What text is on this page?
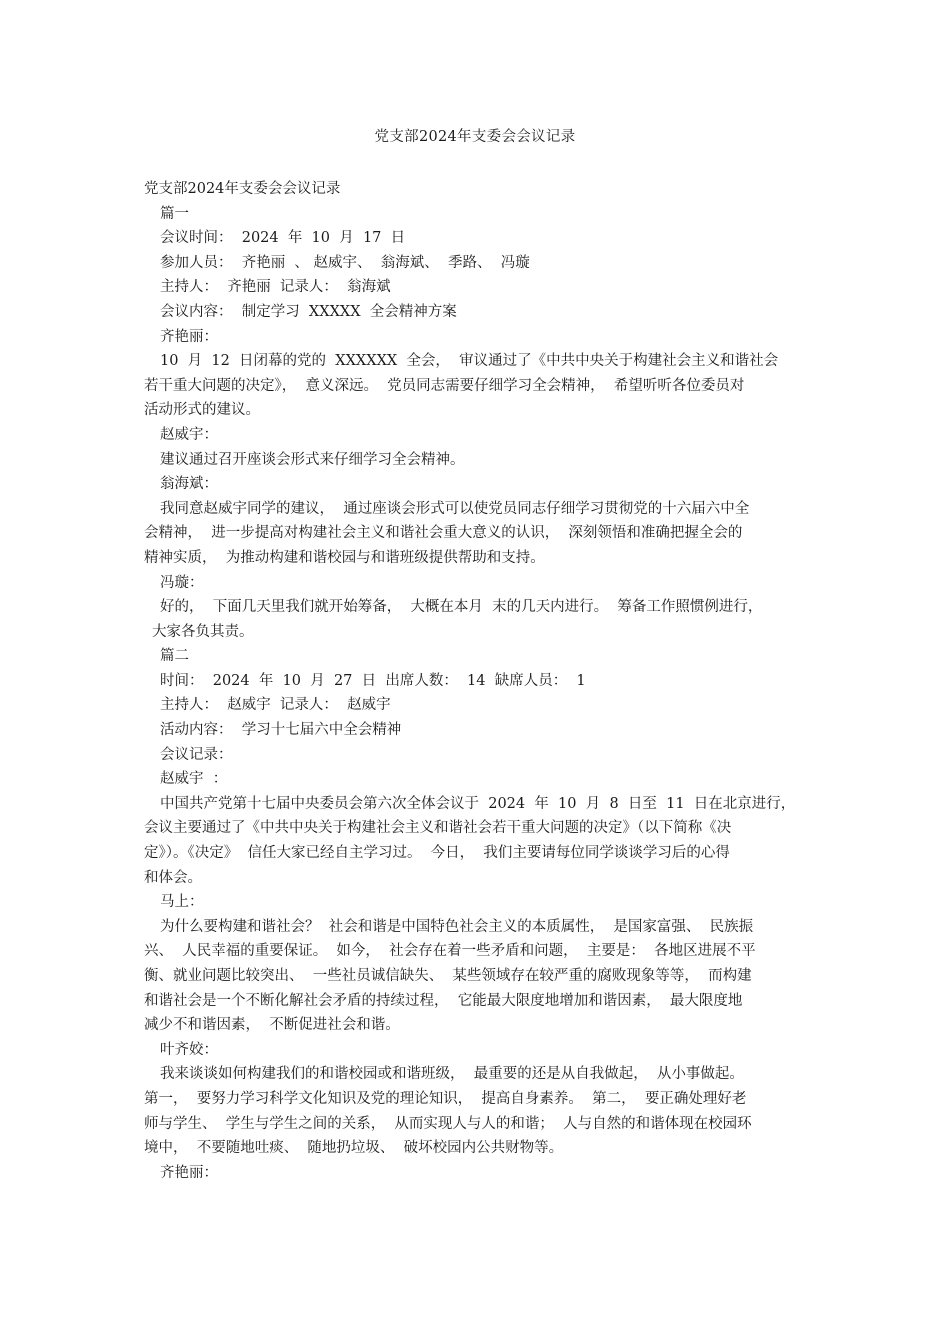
党支部2024年支委会会议记录
党支部2024年支委会会议记录
篇一
会议时间：  2024  年  10  月  17  日
参加人员：  齐艳丽  、 赵威宇、  翁海斌、  季路、  冯璇
主持人：  齐艳丽  记录人：  翁海斌
会议内容：  制定学习  XXXXX  全会精神方案
齐艳丽：
10  月  12  日闭幕的党的  XXXXXX  全会，  审议通过了《中共中央关于构建社会主义和谐社会
若干重大问题的决定》，  意义深远。  党员同志需要仔细学习全会精神，  希望听听各位委员对
活动形式的建议。
赵威宇：
建议通过召开座谈会形式来仔细学习全会精神。
翁海斌：
我同意赵威宇同学的建议，  通过座谈会形式可以使党员同志仔细学习贯彻党的十六届六中全
会精神，  进一步提高对构建社会主义和谐社会重大意义的认识，  深刻领悟和准确把握全会的
精神实质，  为推动构建和谐校园与和谐班级提供帮助和支持。
冯璇：
好的，  下面几天里我们就开始筹备，  大概在本月  末的几天内进行。  筹备工作照惯例进行，
大家各负其责。
篇二
时间：  2024  年  10  月  27  日  出席人数：  14  缺席人员：  1
主持人：  赵威宇  记录人：  赵威宇
活动内容：  学习十七届六中全会精神
会议记录：
赵威宇  ：
中国共产党第十七届中央委员会第六次全体会议于  2024  年  10  月  8  日至  11  日在北京进行，
会议主要通过了《中共中央关于构建社会主义和谐社会若干重大问题的决定》（以下简称《决
定》）。《决定》  信任大家已经自主学习过。  今日，  我们主要请每位同学谈谈学习后的心得
和体会。
马上：
为什么要构建和谐社会？  社会和谐是中国特色社会主义的本质属性，  是国家富强、  民族振
兴、  人民幸福的重要保证。  如今，  社会存在着一些矛盾和问题，  主要是：  各地区进展不平
衡、就业问题比较突出、  一些社员诚信缺失、  某些领域存在较严重的腐败现象等等，  而构建
和谐社会是一个不断化解社会矛盾的持续过程，  它能最大限度地增加和谐因素，  最大限度地
减少不和谐因素，  不断促进社会和谐。
叶齐姣：
我来谈谈如何构建我们的和谐校园或和谐班级，  最重要的还是从自我做起，  从小事做起。
第一，  要努力学习科学文化知识及党的理论知识，  提高自身素养。  第二，  要正确处理好老
师与学生、  学生与学生之间的关系，  从而实现人与人的和谐；  人与自然的和谐体现在校园环
境中，  不要随地吐痰、  随地扔垃圾、  破坏校园内公共财物等。
齐艳丽：
